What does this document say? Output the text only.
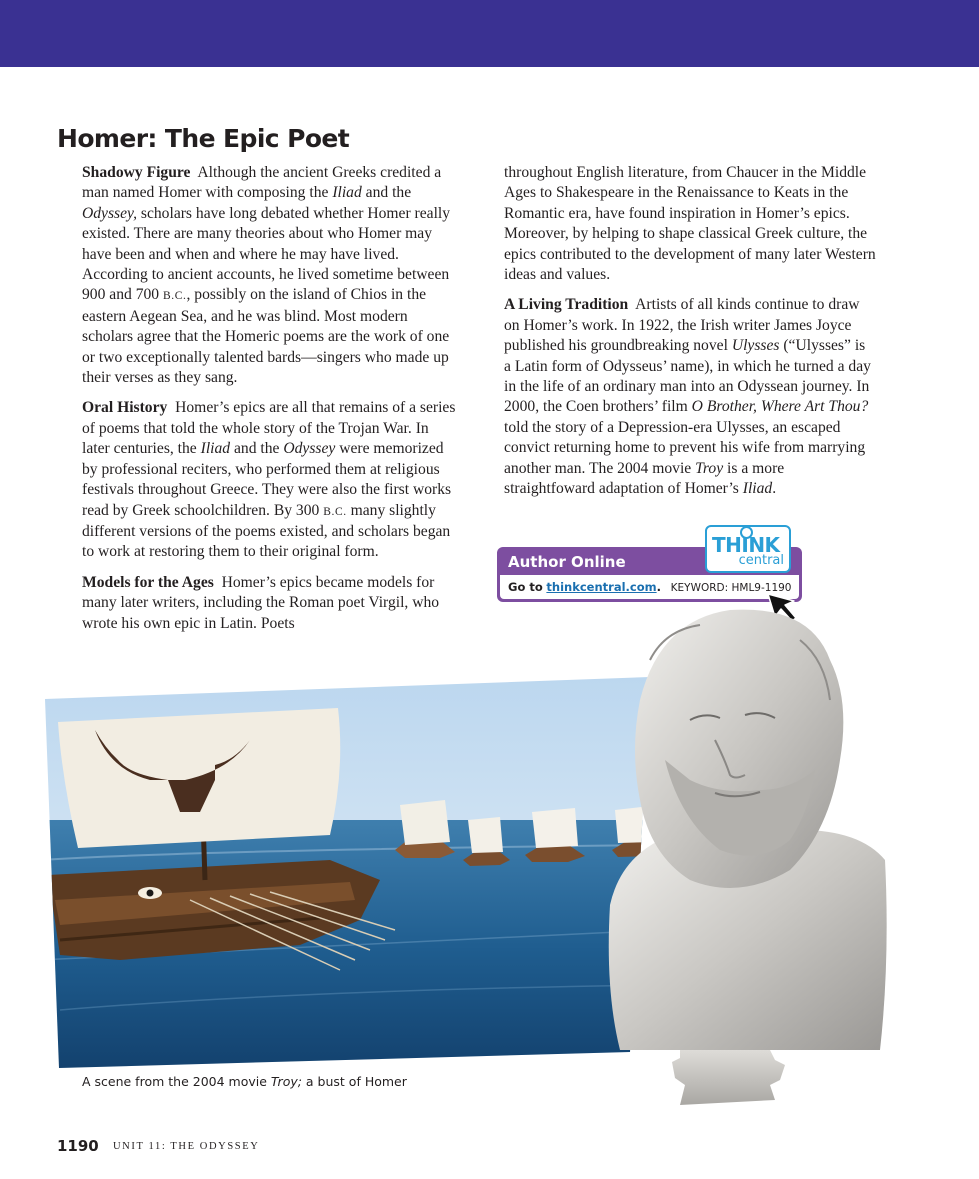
Homer: The Epic Poet

Shadowy Figure Although the ancient Greeks credited a man named Homer with composing the Iliad and the Odyssey, scholars have long debated whether Homer really existed. There are many theories about who Homer may have been and when and where he may have lived. According to ancient accounts, he lived sometime between 900 and 700 B.C., possibly on the island of Chios in the eastern Aegean Sea, and he was blind. Most modern scholars agree that the Homeric poems are the work of one or two exceptionally talented bards—singers who made up their verses as they sang.

Oral History Homer’s epics are all that remains of a series of poems that told the whole story of the Trojan War. In later centuries, the Iliad and the Odyssey were memorized by professional reciters, who performed them at religious festivals throughout Greece. They were also the first works read by Greek schoolchildren. By 300 B.C. many slightly different versions of the poems existed, and scholars began to work at restoring them to their original form.

Models for the Ages Homer’s epics became models for many later writers, including the Roman poet Virgil, who wrote his own epic in Latin. Poets

throughout English literature, from Chaucer in the Middle Ages to Shakespeare in the Renaissance to Keats in the Romantic era, have found inspiration in Homer’s epics. Moreover, by helping to shape classical Greek culture, the epics contributed to the development of many later Western ideas and values.

A Living Tradition Artists of all kinds continue to draw on Homer’s work. In 1922, the Irish writer James Joyce published his groundbreaking novel Ulysses (“Ulysses” is a Latin form of Odysseus’ name), in which he turned a day in the life of an ordinary man into an Odyssean journey. In 2000, the Coen brothers’ film O Brother, Where Art Thou? told the story of a Depression-era Ulysses, an escaped convict returning home to prevent his wife from marrying another man. The 2004 movie Troy is a more straightfoward adaptation of Homer’s Iliad.

Author Online
Go to thinkcentral.com. KEYWORD: HML9-1190
THINK
central
A scene from the 2004 movie Troy; a bust of Homer
1190 UNIT 11: THE ODYSSEY
